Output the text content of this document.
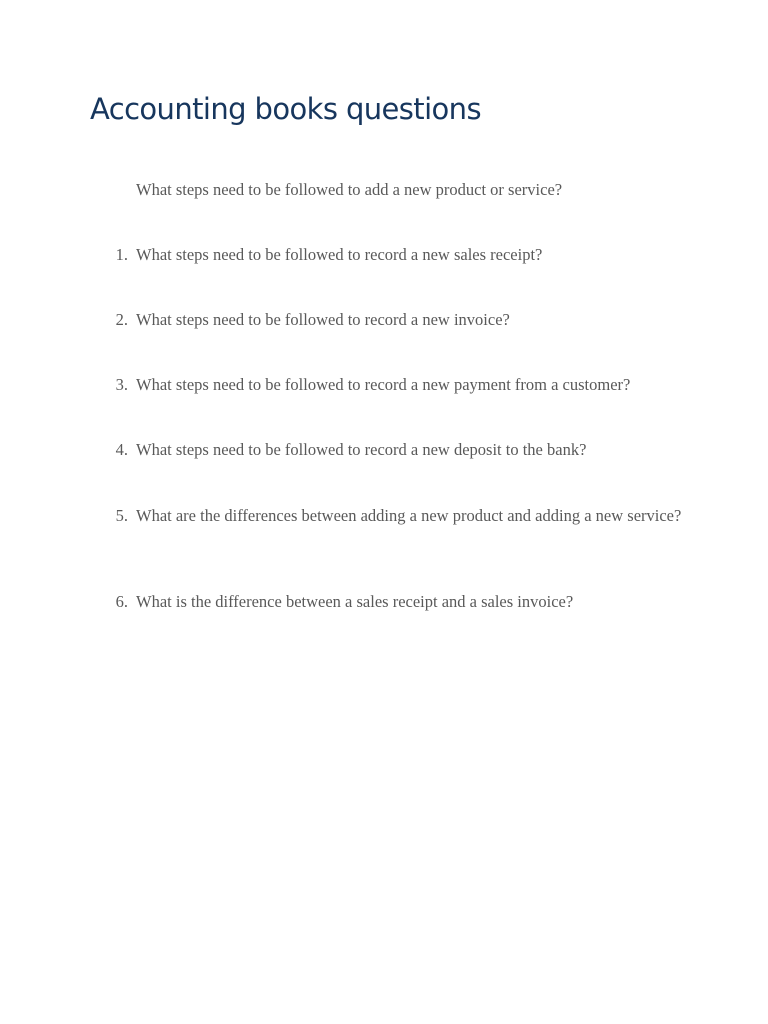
Accounting books questions
What steps need to be followed to add a new product or service?
1. What steps need to be followed to record a new sales receipt?
2. What steps need to be followed to record a new invoice?
3. What steps need to be followed to record a new payment from a customer?
4. What steps need to be followed to record a new deposit to the bank?
5. What are the differences between adding a new product and adding a new service?
6. What is the difference between a sales receipt and a sales invoice?
